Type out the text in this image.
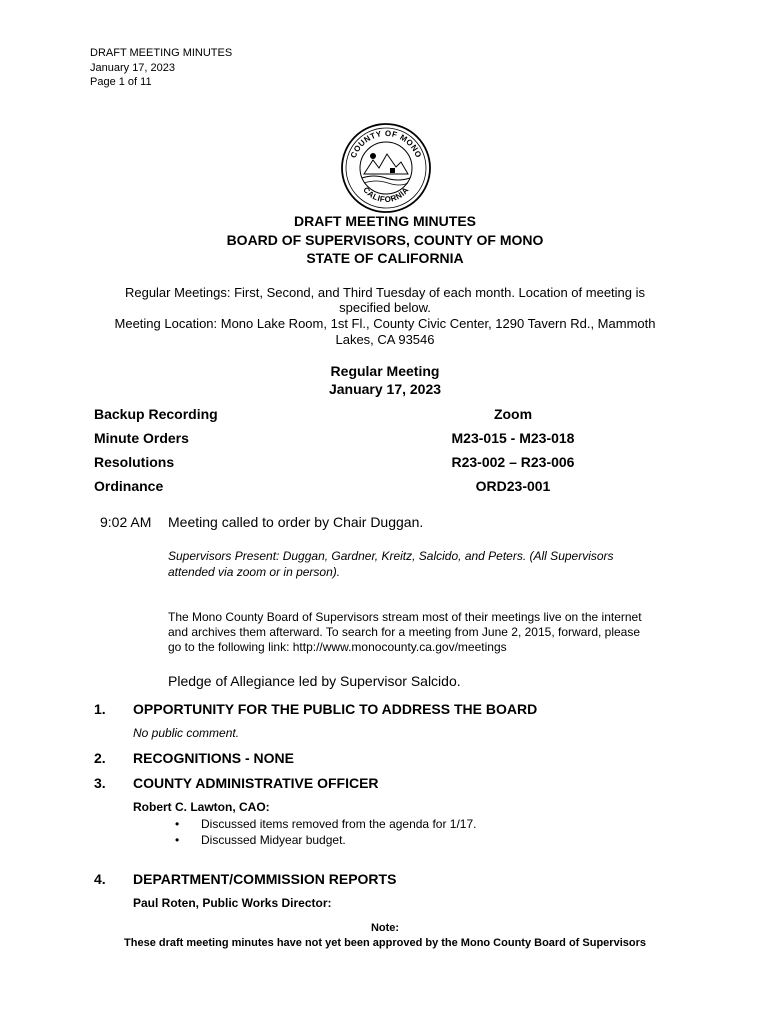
DRAFT MEETING MINUTES
January 17, 2023
Page 1 of 11
COUNTY OF MONO
CALIFORNIA
DRAFT MEETING MINUTES
BOARD OF SUPERVISORS, COUNTY OF MONO
STATE OF CALIFORNIA
Regular Meetings: First, Second, and Third Tuesday of each month. Location of meeting is
specified below.
Meeting Location: Mono Lake Room, 1st Fl., County Civic Center, 1290 Tavern Rd., Mammoth
Lakes, CA 93546
Regular Meeting
January 17, 2023
Backup Recording	Zoom
Minute Orders	M23-015 - M23-018
Resolutions	R23-002 – R23-006
Ordinance	ORD23-001
9:02 AM Meeting called to order by Chair Duggan.
Supervisors Present: Duggan, Gardner, Kreitz, Salcido, and Peters. (All Supervisors
attended via zoom or in person).
The Mono County Board of Supervisors stream most of their meetings live on the internet
and archives them afterward. To search for a meeting from June 2, 2015, forward, please
go to the following link: http://www.monocounty.ca.gov/meetings
Pledge of Allegiance led by Supervisor Salcido.
1. OPPORTUNITY FOR THE PUBLIC TO ADDRESS THE BOARD
No public comment.
2. RECOGNITIONS - NONE
3. COUNTY ADMINISTRATIVE OFFICER
Robert C. Lawton, CAO:
• Discussed items removed from the agenda for 1/17.
• Discussed Midyear budget.
4. DEPARTMENT/COMMISSION REPORTS
Paul Roten, Public Works Director:
Note:
These draft meeting minutes have not yet been approved by the Mono County Board of Supervisors
